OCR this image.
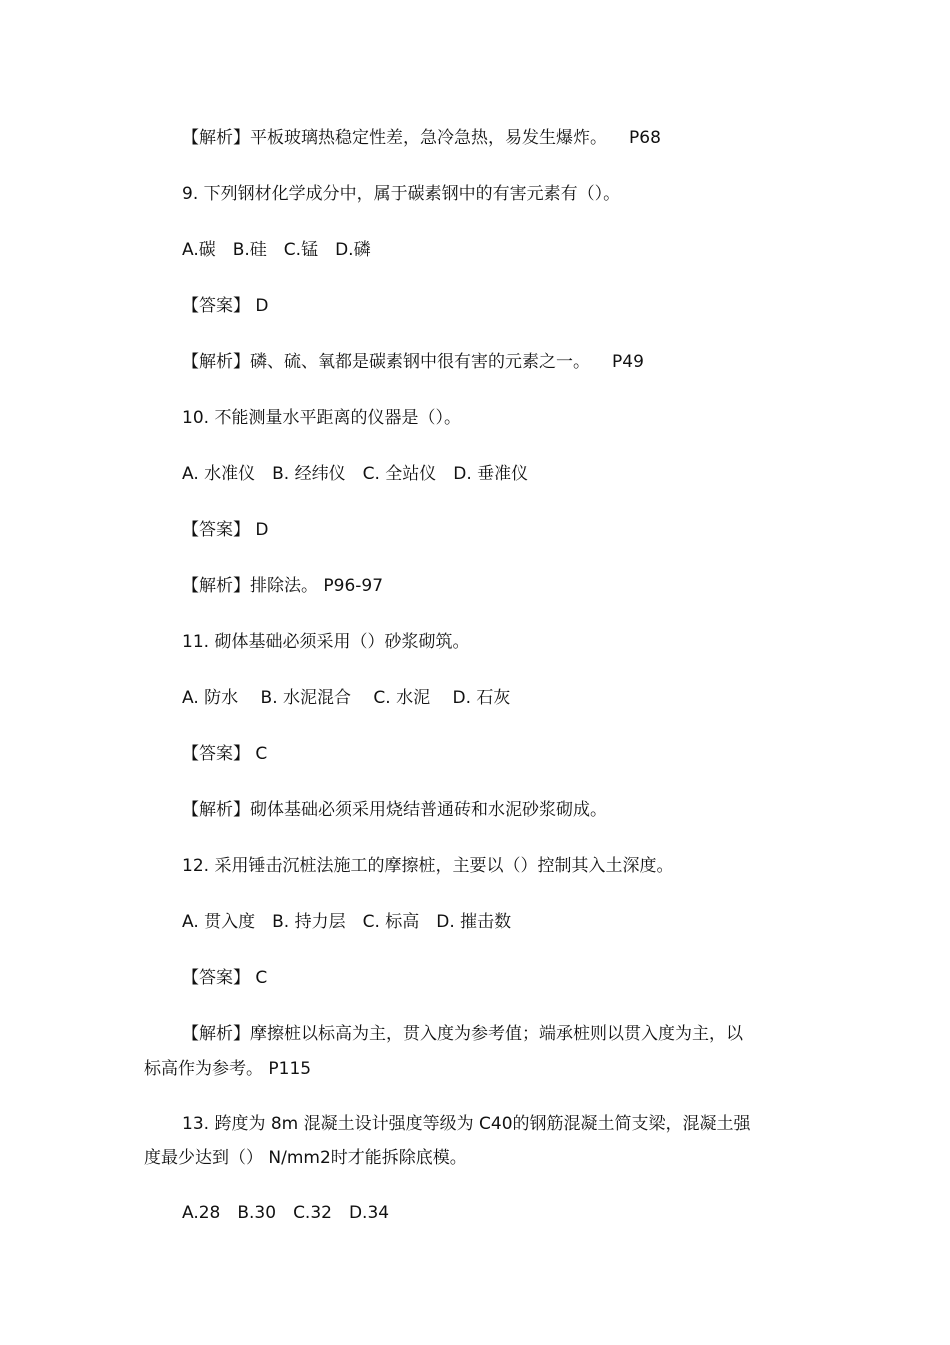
【解析】平板玻璃热稳定性差，急冷急热，易发生爆炸。 P68
9. 下列钢材化学成分中，属于碳素钢中的有害元素有（）。
A.碳　B.硅　C.锰　D.磷
【答案】 D
【解析】磷、硫、氧都是碳素钢中很有害的元素之一。 P49
10. 不能测量水平距离的仪器是（）。
A. 水准仪　B. 经纬仪　C. 全站仪　D. 垂准仪
【答案】 D
【解析】排除法。 P96-97
11. 砌体基础必须采用（）砂浆砌筑。
A. 防水　 B. 水泥混合　 C. 水泥　 D. 石灰
【答案】 C
【解析】砌体基础必须采用烧结普通砖和水泥砂浆砌成。
12. 采用锤击沉桩法施工的摩擦桩，主要以（）控制其入土深度。
A. 贯入度　B. 持力层　C. 标高　D. 摧击数
【答案】 C
【解析】摩擦桩以标高为主，贯入度为参考值；端承桩则以贯入度为主，以
标高作为参考。 P115
13. 跨度为 8m 混凝土设计强度等级为 C40的钢筋混凝土简支梁，混凝土强
度最少达到（） N/mm2时才能拆除底模。
A.28　B.30　C.32　D.34
